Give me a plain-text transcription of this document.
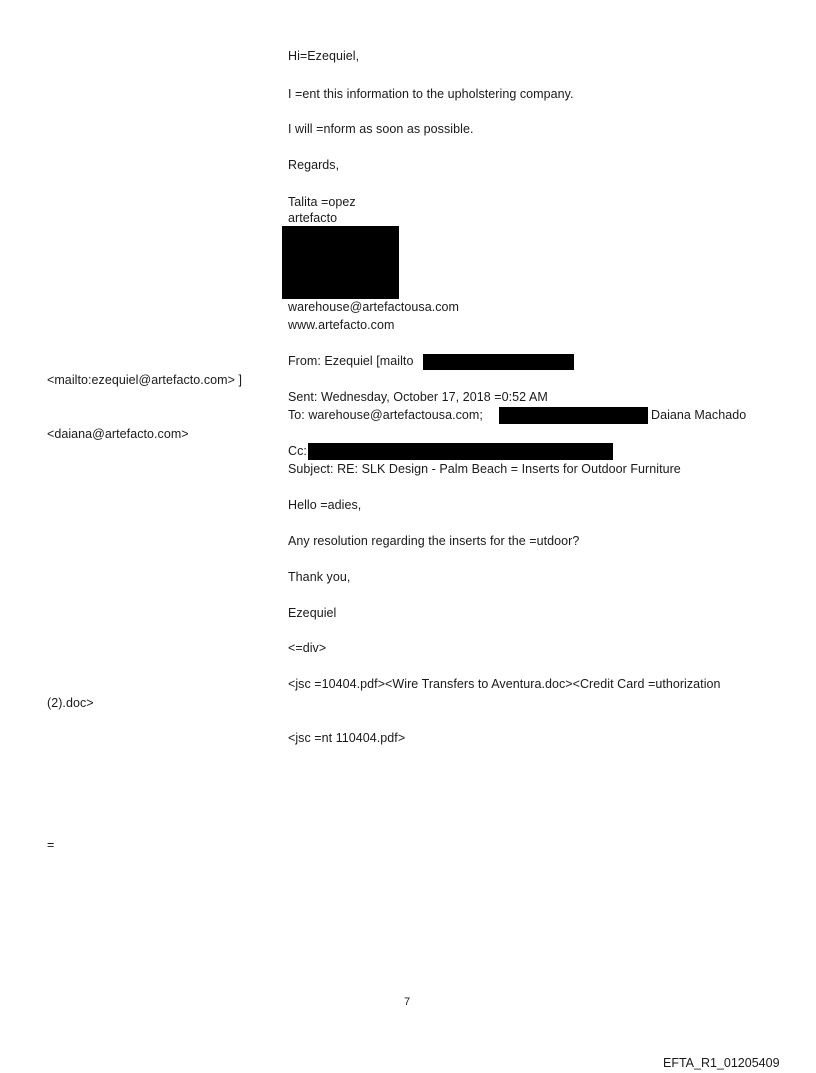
Hi=Ezequiel,
I =ent this information to the upholstering company.
I will =nform as soon as possible.
Regards,
Talita =opez
artefacto
warehouse@artefactousa.com
www.artefacto.com
From: Ezequiel [mailto
<mailto:ezequiel@artefacto.com> ]
Sent: Wednesday, October 17, 2018 =0:52 AM
To: warehouse@artefactousa.com;	Daiana Machado
<daiana@artefacto.com>
Cc:
Subject: RE: SLK Design - Palm Beach = Inserts for Outdoor Furniture
Hello =adies,
Any resolution regarding the inserts for the =utdoor?
Thank you,
Ezequiel
<=div>
<jsc =10404.pdf><Wire Transfers to Aventura.doc><Credit Card =uthorization
(2).doc>
<jsc =nt 110404.pdf>
=
7
EFTA_R1_01205409
